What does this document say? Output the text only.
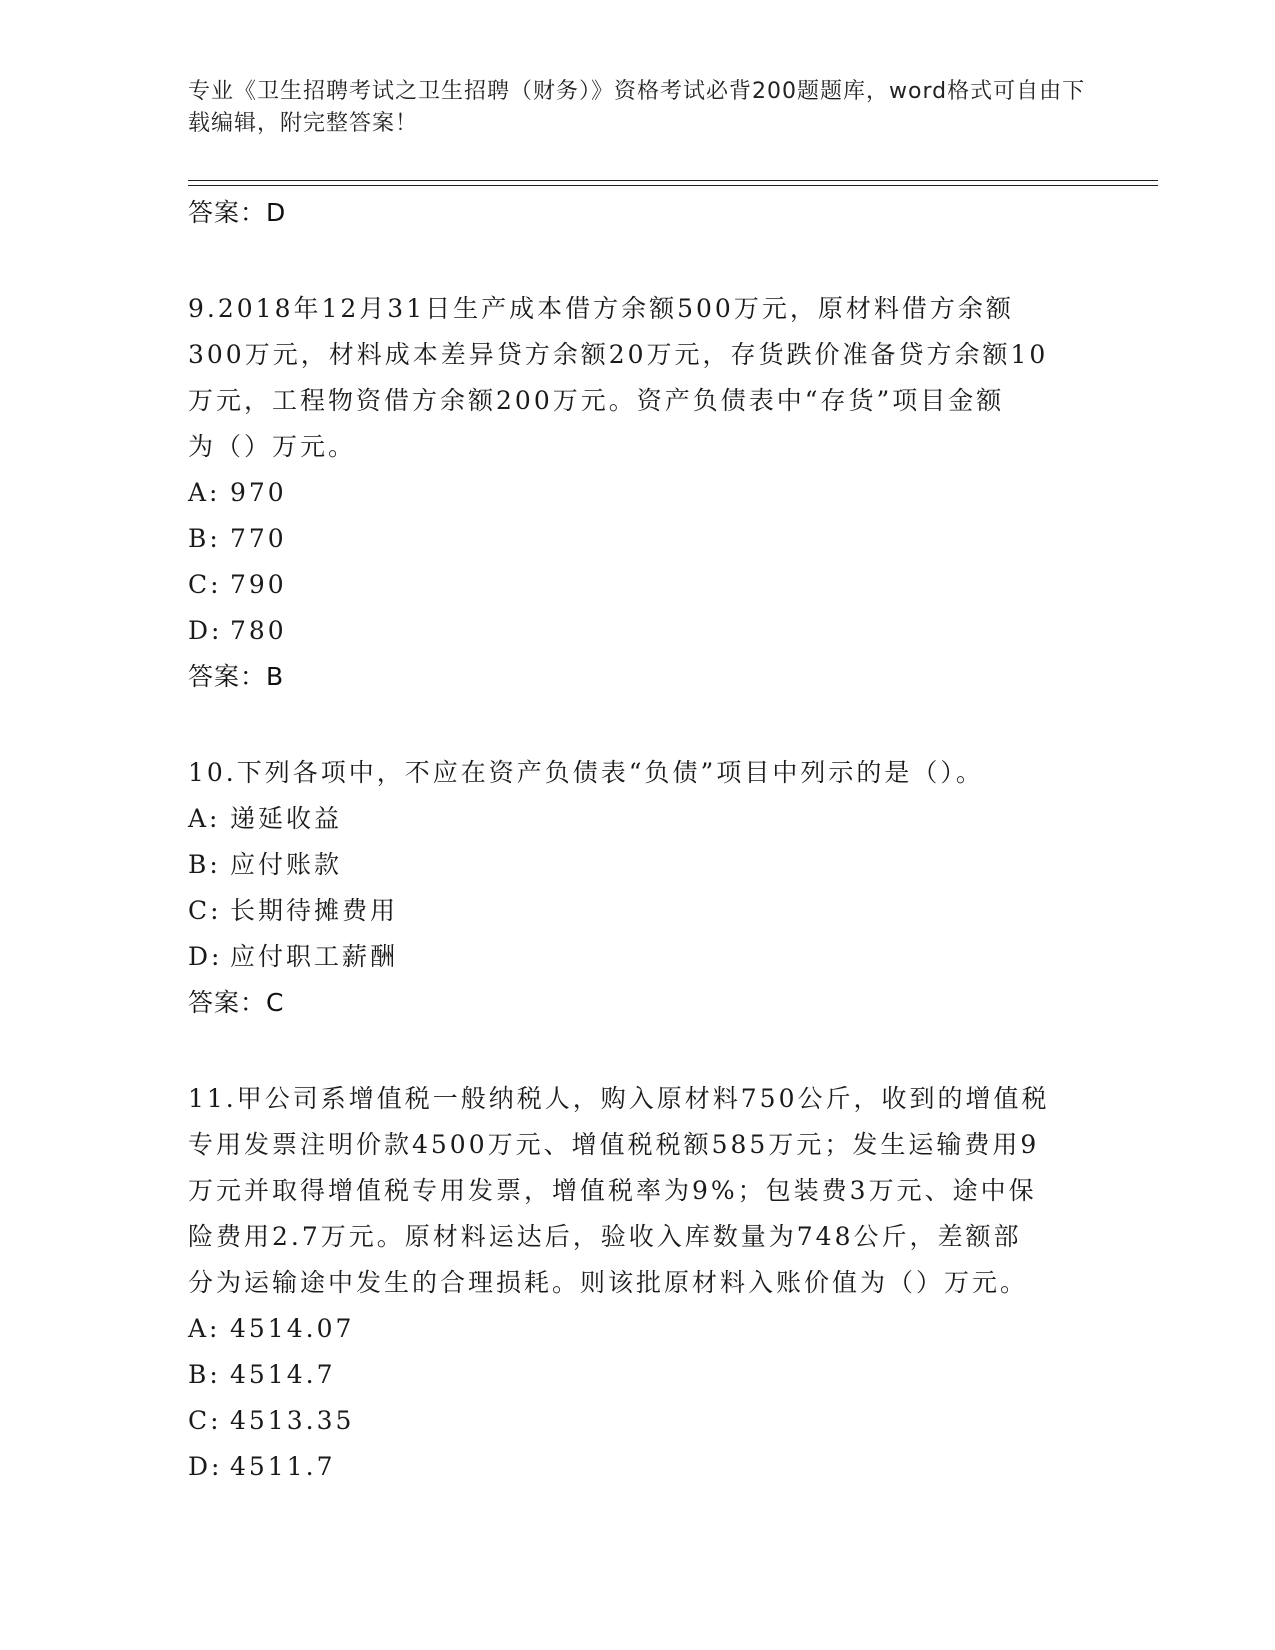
专业《卫生招聘考试之卫生招聘（财务）》资格考试必背200题题库，word格式可自由下载编辑，附完整答案！
答案：D
9.2018年12月31日生产成本借方余额500万元，原材料借方余额
300万元，材料成本差异贷方余额20万元，存货跌价准备贷方余额10
万元，工程物资借方余额200万元。资产负债表中“存货”项目金额
为（）万元。
A: 970
B: 770
C: 790
D: 780
答案：B
10.下列各项中，不应在资产负债表“负债”项目中列示的是（）。
A: 递延收益
B: 应付账款
C: 长期待摊费用
D: 应付职工薪酬
答案：C
11.甲公司系增值税一般纳税人，购入原材料750公斤，收到的增值税
专用发票注明价款4500万元、增值税税额585万元；发生运输费用9
万元并取得增值税专用发票，增值税率为9%；包装费3万元、途中保
险费用2.7万元。原材料运达后，验收入库数量为748公斤，差额部
分为运输途中发生的合理损耗。则该批原材料入账价值为（）万元。
A: 4514.07
B: 4514.7
C: 4513.35
D: 4511.7
